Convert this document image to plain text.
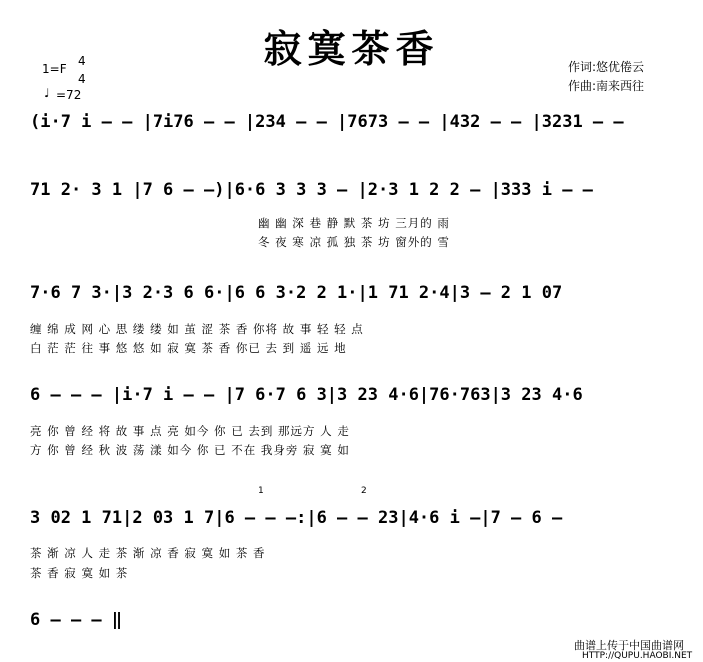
寂寞茶香
1=F
4
4
♩ =72
作词:悠优倦云
作曲:南来西往
(i·7 i — — |7i76 — — |234 — — |7673 — — |432 — — |3231 — —
71 2· 3 1 |7 6 — —)|6·6 3 3 3 — |2·3 1 2 2 — |333 i — —
幽 幽 深 巷 静 默 茶 坊 三月的 雨
冬 夜 寒 凉 孤 独 茶 坊 窗外的 雪
7·6 7 3·|3 2·3 6 6·|6 6 3·2 2 1·|1 71 2·4|3 — 2 1 07
缠 绵 成 网 心 思 缕 缕 如 茧 涩 茶 香 你将 故 事 轻 轻 点
白 茫 茫 往 事 悠 悠 如 寂 寞 茶 香 你已 去 到 遥 远 地
6 — — — |i·7 i — — |7 6·7 6 3|3 23 4·6|76·763|3 23 4·6
亮 你 曾 经 将 故 事 点 亮 如今 你 已 去到 那远方 人 走
方 你 曾 经 秋 波 荡 漾 如今 你 已 不在 我身旁 寂 寞 如
1	2
3 02 1 71|2 03 1 7|6 — — —:|6 — — 23|4·6 i —|7 — 6 —
茶 渐 凉 人 走 茶 渐 凉 香 寂 寞 如 茶 香
茶 香 寂 寞 如 茶
6 — — — ‖
曲谱上传于中国曲谱网
HTTP://QUPU.HAOBI.NET
